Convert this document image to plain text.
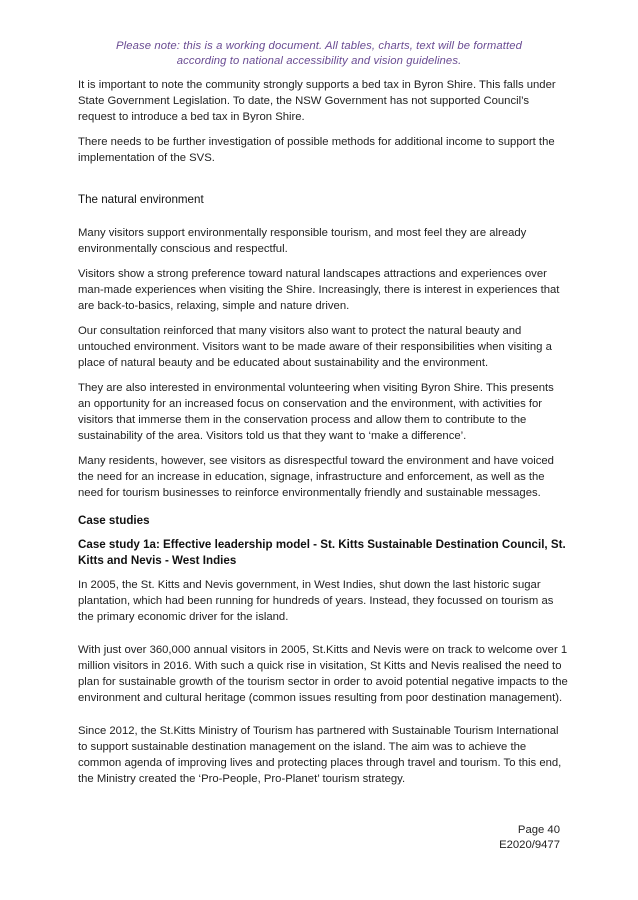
Please note: this is a working document. All tables, charts, text will be formatted
according to national accessibility and vision guidelines.

It is important to note the community strongly supports a bed tax in Byron Shire. This falls under State Government Legislation. To date, the NSW Government has not supported Council’s request to introduce a bed tax in Byron Shire.

There needs to be further investigation of possible methods for additional income to support the implementation of the SVS.

The natural environment

Many visitors support environmentally responsible tourism, and most feel they are already environmentally conscious and respectful.

Visitors show a strong preference toward natural landscapes attractions and experiences over man-made experiences when visiting the Shire. Increasingly, there is interest in experiences that are back-to-basics, relaxing, simple and nature driven.

Our consultation reinforced that many visitors also want to protect the natural beauty and untouched environment. Visitors want to be made aware of their responsibilities when visiting a place of natural beauty and be educated about sustainability and the environment.

They are also interested in environmental volunteering when visiting Byron Shire. This presents an opportunity for an increased focus on conservation and the environment, with activities for visitors that immerse them in the conservation process and allow them to contribute to the sustainability of the area. Visitors told us that they want to ‘make a difference’.

Many residents, however, see visitors as disrespectful toward the environment and have voiced the need for an increase in education, signage, infrastructure and enforcement, as well as the need for tourism businesses to reinforce environmentally friendly and sustainable messages.

Case studies
Case study 1a: Effective leadership model - St. Kitts Sustainable Destination Council, St. Kitts and Nevis - West Indies

In 2005, the St. Kitts and Nevis government, in West Indies, shut down the last historic sugar plantation, which had been running for hundreds of years. Instead, they focussed on tourism as the primary economic driver for the island.

With just over 360,000 annual visitors in 2005, St.Kitts and Nevis were on track to welcome over 1 million visitors in 2016. With such a quick rise in visitation, St Kitts and Nevis realised the need to plan for sustainable growth of the tourism sector in order to avoid potential negative impacts to the environment and cultural heritage (common issues resulting from poor destination management).

Since 2012, the St.Kitts Ministry of Tourism has partnered with Sustainable Tourism International to support sustainable destination management on the island. The aim was to achieve the common agenda of improving lives and protecting places through travel and tourism. To this end, the Ministry created the ‘Pro-People, Pro-Planet’ tourism strategy.

Page 40
E2020/9477
